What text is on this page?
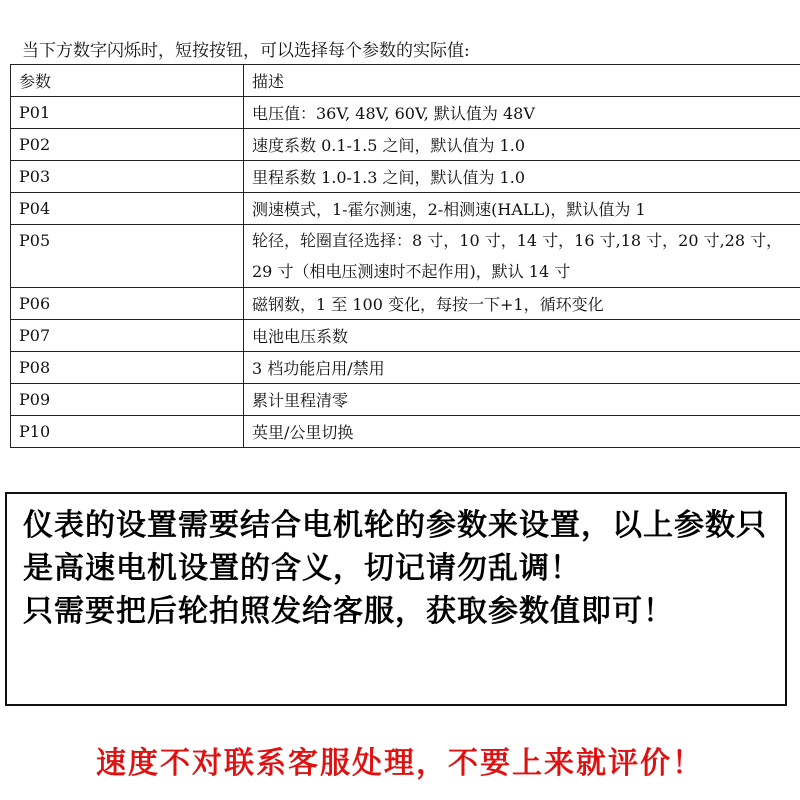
当下方数字闪烁时，短按按钮，可以选择每个参数的实际值:
参数	描述
P01	电压值：36V, 48V, 60V, 默认值为 48V
P02	速度系数 0.1-1.5 之间，默认值为 1.0
P03	里程系数 1.0-1.3 之间，默认值为 1.0
P04	测速模式，1-霍尔测速，2-相测速(HALL)，默认值为 1
P05	轮径，轮圈直径选择：8 寸，10 寸，14 寸，16 寸,18 寸，20 寸,28 寸，29 寸（相电压测速时不起作用)，默认 14 寸
P06	磁钢数，1 至 100 变化，每按一下+1，循环变化
P07	电池电压系数
P08	3 档功能启用/禁用
P09	累计里程清零
P10	英里/公里切换

仪表的设置需要结合电机轮的参数来设置，以上参数只是高速电机设置的含义，切记请勿乱调！

只需要把后轮拍照发给客服，获取参数值即可！

速度不对联系客服处理，不要上来就评价！
